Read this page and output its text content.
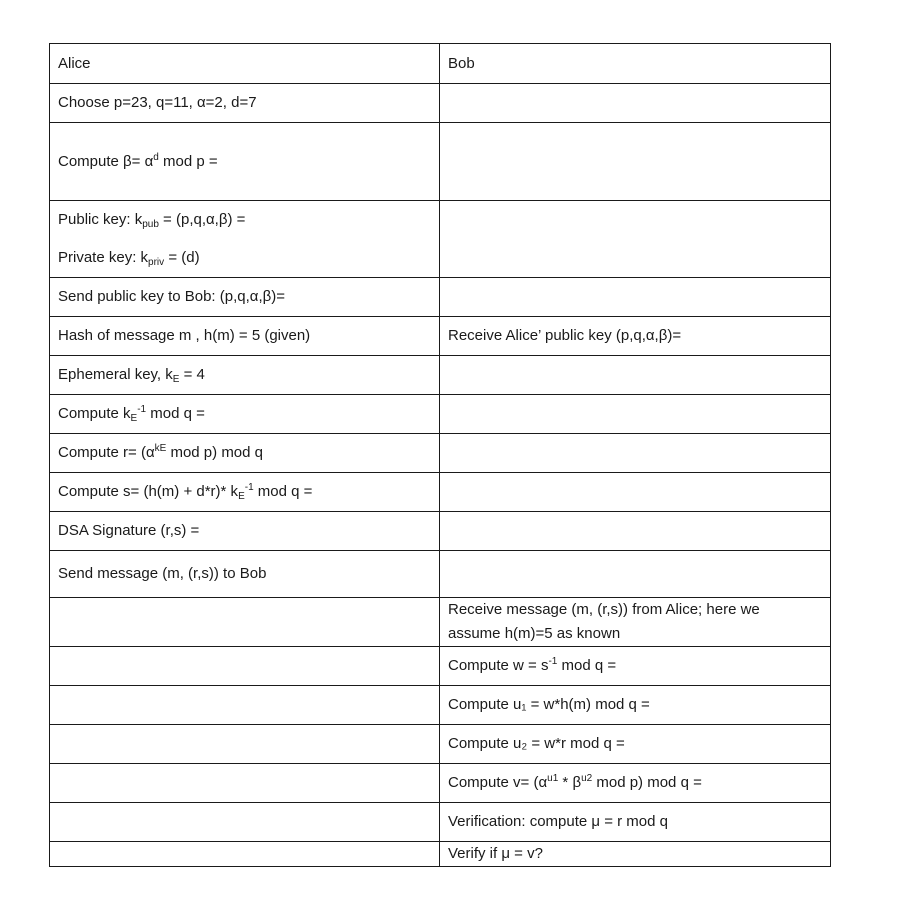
Alice	Bob
Choose p=23, q=11, α=2, d=7	
Compute $\beta= \alpha^d$ mod p =	

Public key: $k_{pub} = (p,q,\alpha,\beta)$ =
Private key: $k_{priv} = (d)$	

Send public key to Bob: (p,q,α,β)=	
Hash of message m , h(m) = 5 (given)	Receive Alice’ public key (p,q,α,β)=
Ephemeral key, $k_E = 4$	
Compute $k_E^{-1}$ mod q =	
Compute $r= (\alpha^{kE}$ mod p) mod q	
Compute s= (h(m) + d*r)* $k_E^{-1}$ mod q =	
DSA Signature (r,s) =	
Send message (m, (r,s)) to Bob	

	Receive message (m, (r,s)) from Alice; here we
assume h(m)=5 as known

	Compute $w = s^{-1}$ mod q =
	Compute u₁ = w*h(m) mod q =
	Compute u₂ = w*r mod q =
	Compute $v= (\alpha^{u1} * \beta^{u2}$ mod p) mod q =
	Verification: compute μ = r mod q
	Verify if μ = v?
